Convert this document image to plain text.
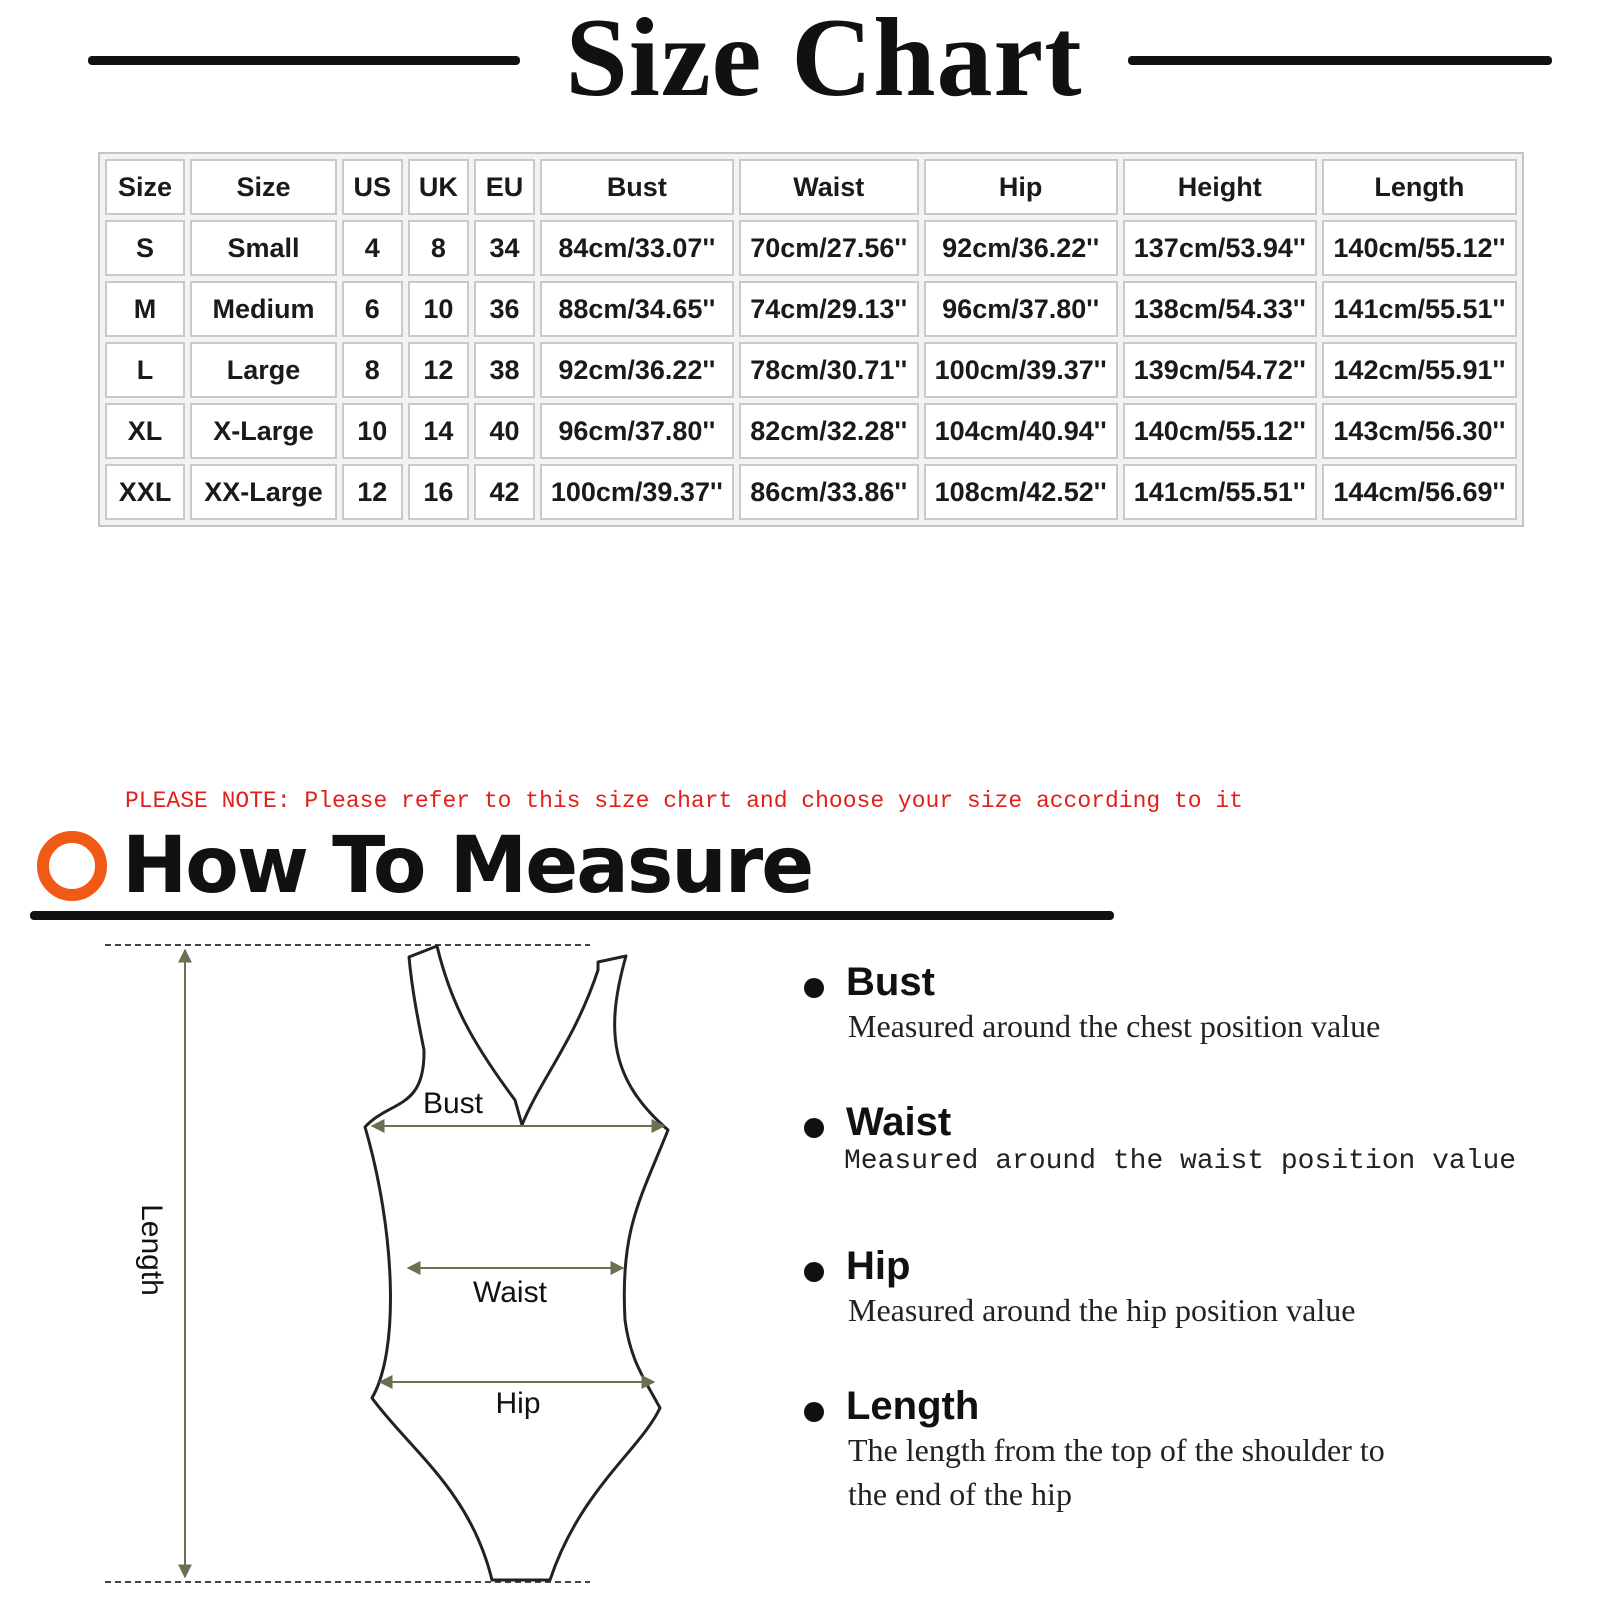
Size Chart
Size	Size	US	UK	EU	Bust	Waist	Hip	Height	Length
S	Small	4	8	34	84cm/33.07''	70cm/27.56''	92cm/36.22''	137cm/53.94''	140cm/55.12''
M	Medium	6	10	36	88cm/34.65''	74cm/29.13''	96cm/37.80''	138cm/54.33''	141cm/55.51''
L	Large	8	12	38	92cm/36.22''	78cm/30.71''	100cm/39.37''	139cm/54.72''	142cm/55.91''
XL	X-Large	10	14	40	96cm/37.80''	82cm/32.28''	104cm/40.94''	140cm/55.12''	143cm/56.30''
XXL	XX-Large	12	16	42	100cm/39.37''	86cm/33.86''	108cm/42.52''	141cm/55.51''	144cm/56.69''
PLEASE NOTE: Please refer to this size chart and choose your size according to it
How To Measure
Length
Bust
Waist
Hip
Bust
Measured around the chest position value
Waist
Measured around the waist position value
Hip
Measured around the hip position value
Length
The length from the top of the shoulder to
the end of the hip
